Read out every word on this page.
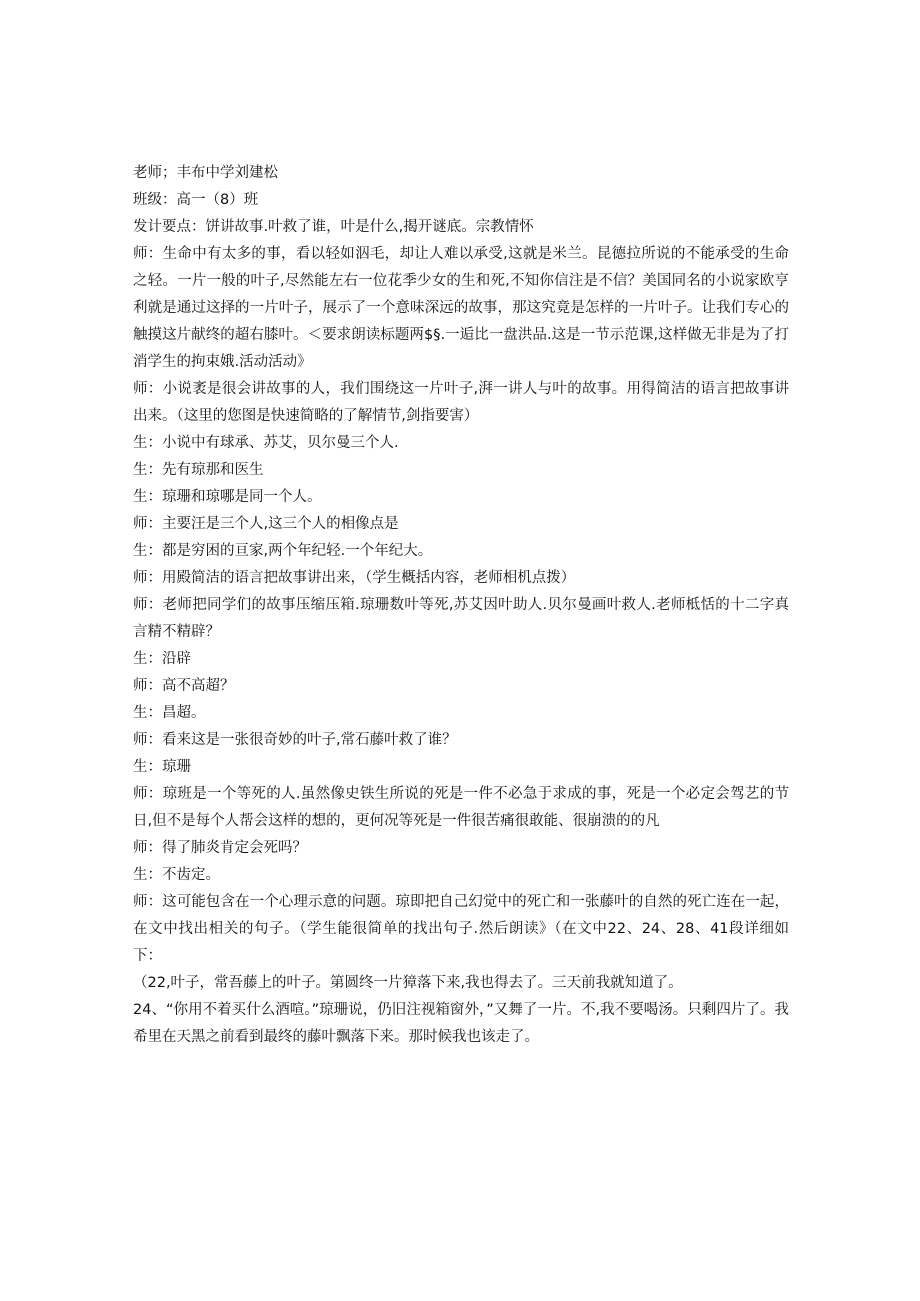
老师；丰布中学刘建松

班级：高一（8）班

发计要点：饼讲故事.叶救了谁，叶是什么,揭开谜底。宗教情怀

师：生命中有太多的事，看以轻如泅毛，却让人难以承受,这就是米兰。昆德拉所说的不能承受的生命之轻。一片一般的叶子,尽然能左右一位花季少女的生和死,不知你信注是不信？美国同名的小说家欧亨利就是通过这择的一片叶子，展示了一个意味深远的故事，那这究竟是怎样的一片叶子。让我们专心的触摸这片献终的超右膝叶。＜要求朗读标题两$§.一逅比一盘洪品.这是一节示范课,这样做无非是为了打消学生的拘束娥.活动活动》

师：小说袤是很会讲故事的人，我们围绕这一片叶子,湃一讲人与叶的故事。用得简洁的语言把故事讲出来。（这里的您图是快速简略的了解情节,剑指要害）

生：小说中有球承、苏艾，贝尔曼三个人.

生：先有琼那和医生

生：琼珊和琼哪是同一个人。

师：主要汪是三个人,这三个人的相像点是

生：都是穷困的亘家,两个年纪轻.一个年纪大。

师：用殿简洁的语言把故事讲出来，（学生概括内容，老师相机点拨）

师：老师把同学们的故事压缩压箱.琼珊数叶等死,苏艾因叶助人.贝尔曼画叶救人.老师柢恬的十二字真言精不精辟？

生：沿辟

师：高不高超？

生：昌超。

师：看来这是一张很奇妙的叶子,常石藤叶救了谁？

生：琼珊

师：琼班是一个等死的人.虽然像史铁生所说的死是一件不必急于求成的事，死是一个必定会驾艺的节日,但不是每个人帮会这样的想的，更何况等死是一件很苦痛很敢能、很崩溃的的凡

师：得了肺炎肯定会死吗？

生：不齿定。

师：这可能包含在一个心理示意的问题。琼即把自己幻觉中的死亡和一张藤叶的自然的死亡连在一起，在文中找出相关的句子。（学生能很简单的找出句子.然后朗读》（在文中22、24、28、41段详细如下：

（22,叶子，常吾藤上的叶子。第圆终一片獐落下来,我也得去了。三天前我就知道了。

24、“你用不着买什么酒喧。”琼珊说，仍旧注视箱窗外，”又舞了一片。不,我不要喝汤。只剩四片了。我希里在天黑之前看到最终的藤叶飘落下来。那时候我也该走了。
